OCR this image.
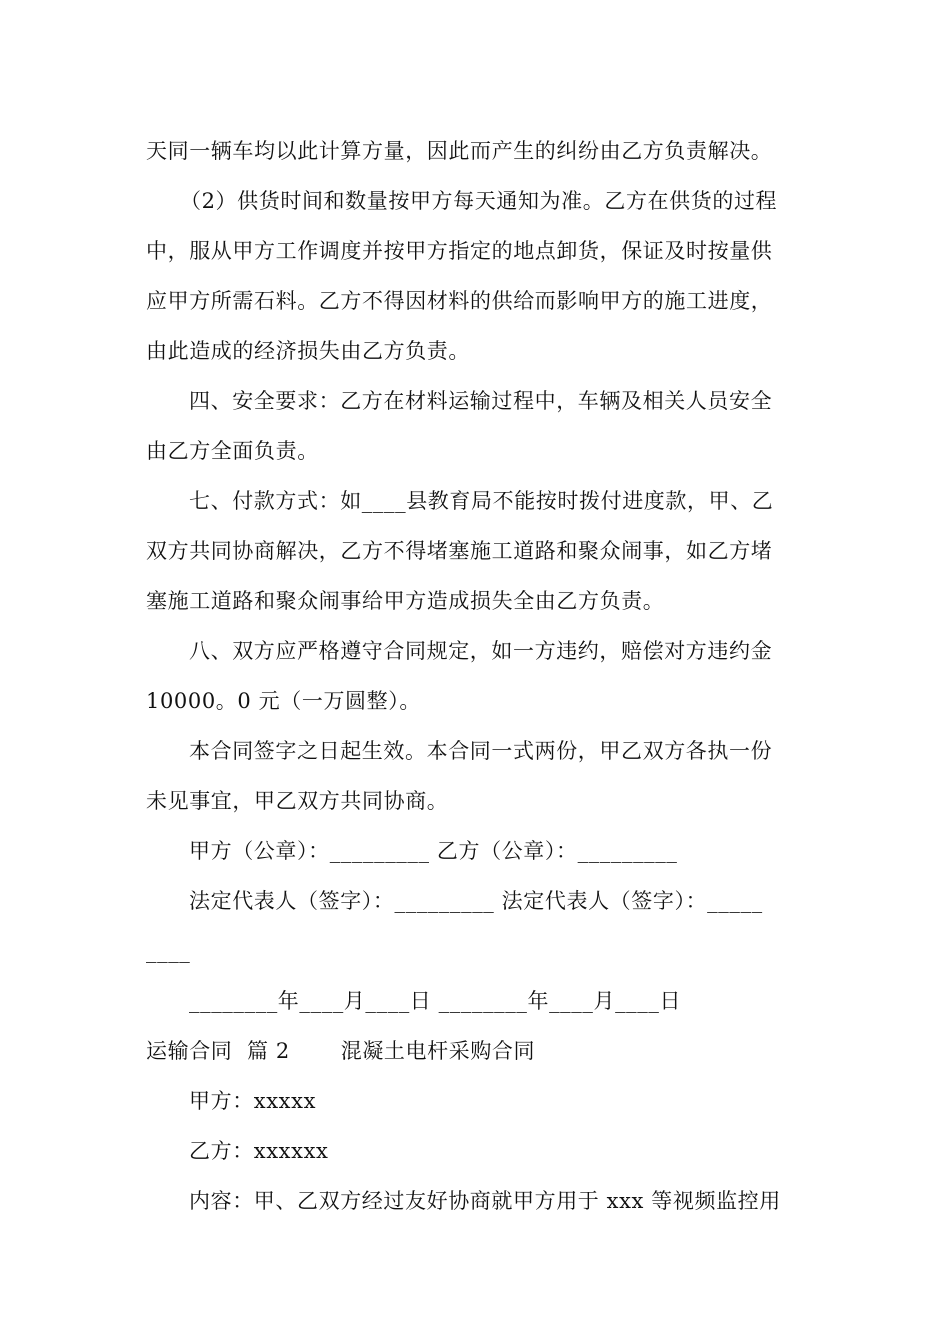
天同一辆车均以此计算方量，因此而产生的纠纷由乙方负责解决。
（2）供货时间和数量按甲方每天通知为准。乙方在供货的过程
中，服从甲方工作调度并按甲方指定的地点卸货，保证及时按量供
应甲方所需石料。乙方不得因材料的供给而影响甲方的施工进度，
由此造成的经济损失由乙方负责。
四、安全要求：乙方在材料运输过程中，车辆及相关人员安全
由乙方全面负责。
七、付款方式：如____县教育局不能按时拨付进度款，甲、乙
双方共同协商解决，乙方不得堵塞施工道路和聚众闹事，如乙方堵
塞施工道路和聚众闹事给甲方造成损失全由乙方负责。
八、双方应严格遵守合同规定，如一方违约，赔偿对方违约金
10000。0 元（一万圆整）。
本合同签字之日起生效。本合同一式两份，甲乙双方各执一份
未见事宜，甲乙双方共同协商。
甲方（公章）：_________ 乙方（公章）：_________
法定代表人（签字）：_________ 法定代表人（签字）：_____
____
________年____月____日 ________年____月____日
运输合同  篇 2       混凝土电杆采购合同
甲方：xxxxx
乙方：xxxxxx
内容：甲、乙双方经过友好协商就甲方用于 xxx 等视频监控用
